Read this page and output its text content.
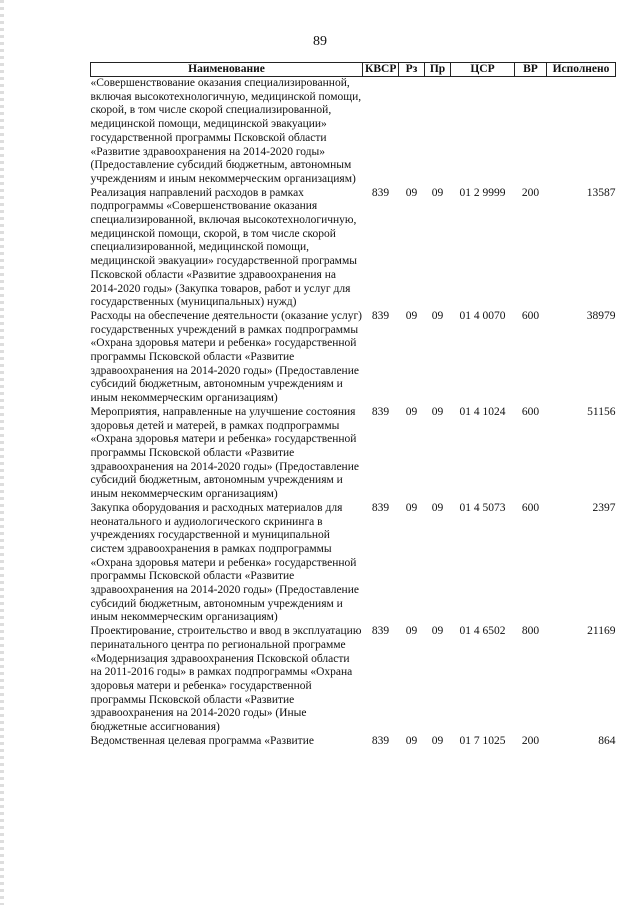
89
Наименование	КВСР	Рз	Пр	ЦСР	ВР	Исполнено
«Совершенствование оказания специализированной, включая высокотехнологичную, медицинской помощи, скорой, в том числе скорой специализированной, медицинской помощи, медицинской эвакуации» государственной программы Псковской области «Развитие здравоохранения на 2014-2020 годы» (Предоставление субсидий бюджетным, автономным учреждениям и иным некоммерческим организациям)						
Реализация направлений расходов в рамках подпрограммы «Совершенствование оказания специализированной, включая высокотехнологичную, медицинской помощи, скорой, в том числе скорой специализированной, медицинской помощи, медицинской эвакуации» государственной программы Псковской области «Развитие здравоохранения на 2014-2020 годы» (Закупка товаров, работ и услуг для государственных (муниципальных) нужд)	839	09	09	01 2 9999	200	13587
Расходы на обеспечение деятельности (оказание услуг) государственных учреждений в рамках подпрограммы «Охрана здоровья матери и ребенка» государственной программы Псковской области «Развитие здравоохранения на 2014-2020 годы» (Предоставление субсидий бюджетным, автономным учреждениям и иным некоммерческим организациям)	839	09	09	01 4 0070	600	38979
Мероприятия, направленные на улучшение состояния здоровья детей и матерей, в рамках подпрограммы «Охрана здоровья матери и ребенка» государственной программы Псковской области «Развитие здравоохранения на 2014-2020 годы» (Предоставление субсидий бюджетным, автономным учреждениям и иным некоммерческим организациям)	839	09	09	01 4 1024	600	51156
Закупка оборудования и расходных материалов для неонатального и аудиологического скрининга в учреждениях государственной и муниципальной систем здравоохранения в рамках подпрограммы «Охрана здоровья матери и ребенка» государственной программы Псковской области «Развитие здравоохранения на 2014-2020 годы» (Предоставление субсидий бюджетным, автономным учреждениям и иным некоммерческим организациям)	839	09	09	01 4 5073	600	2397
Проектирование, строительство и ввод в эксплуатацию перинатального центра по региональной программе «Модернизация здравоохранения Псковской области на 2011-2016 годы» в рамках подпрограммы «Охрана здоровья матери и ребенка» государственной программы Псковской области «Развитие здравоохранения на 2014-2020 годы» (Иные бюджетные ассигнования)	839	09	09	01 4 6502	800	21169
Ведомственная целевая программа «Развитие	839	09	09	01 7 1025	200	864
